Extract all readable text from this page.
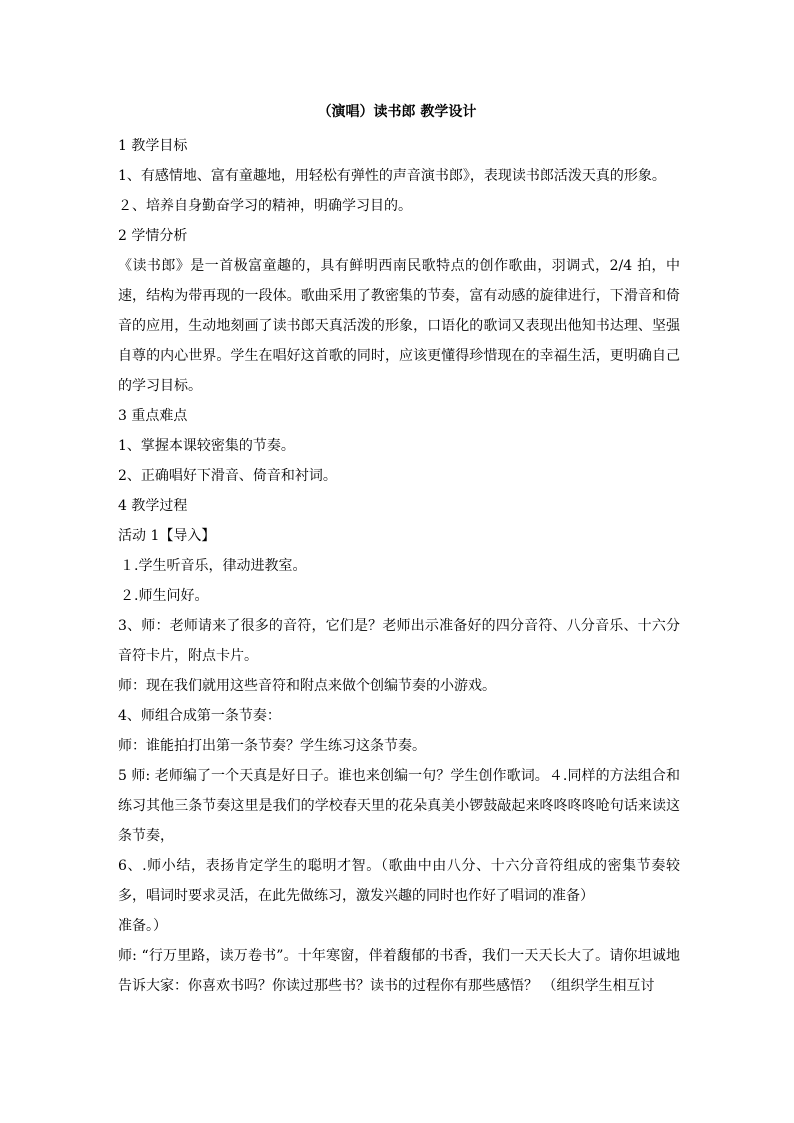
（演唱）读书郎 教学设计

1 教学目标

1、有感情地、富有童趣地，用轻松有弹性的声音演书郎》，表现读书郎活泼天真的形象。

２、培养自身勤奋学习的精神，明确学习目的。

2 学情分析

《读书郎》是一首极富童趣的，具有鲜明西南民歌特点的创作歌曲，羽调式，2/4 拍，中速，结构为带再现的一段体。歌曲采用了教密集的节奏，富有动感的旋律进行，下滑音和倚音的应用，生动地刻画了读书郎天真活泼的形象，口语化的歌词又表现出他知书达理、坚强自尊的内心世界。学生在唱好这首歌的同时，应该更懂得珍惜现在的幸福生活，更明确自己的学习目标。

3 重点难点

1、掌握本课较密集的节奏。

2、正确唱好下滑音、倚音和衬词。

4 教学过程

活动 1【导入】

１.学生听音乐，律动进教室。

２.师生问好。

3、师：老师请来了很多的音符，它们是？老师出示准备好的四分音符、八分音乐、十六分音符卡片，附点卡片。

师：现在我们就用这些音符和附点来做个创编节奏的小游戏。

4、师组合成第一条节奏：

师：谁能拍打出第一条节奏？学生练习这条节奏。

5 师: 老师编了一个天真是好日子。谁也来创编一句？学生创作歌词。４.同样的方法组合和练习其他三条节奏这里是我们的学校春天里的花朵真美小锣鼓敲起来咚咚咚咚呛句话来读这条节奏，

6、.师小结，表扬肯定学生的聪明才智。（歌曲中由八分、十六分音符组成的密集节奏较多，唱词时要求灵活，在此先做练习，激发兴趣的同时也作好了唱词的准备）

准备。）

师: “行万里路，读万卷书”。十年寒窗，伴着馥郁的书香，我们一天天长大了。请你坦诚地告诉大家：你喜欢书吗？你读过那些书？读书的过程你有那些感悟？ （组织学生相互讨
